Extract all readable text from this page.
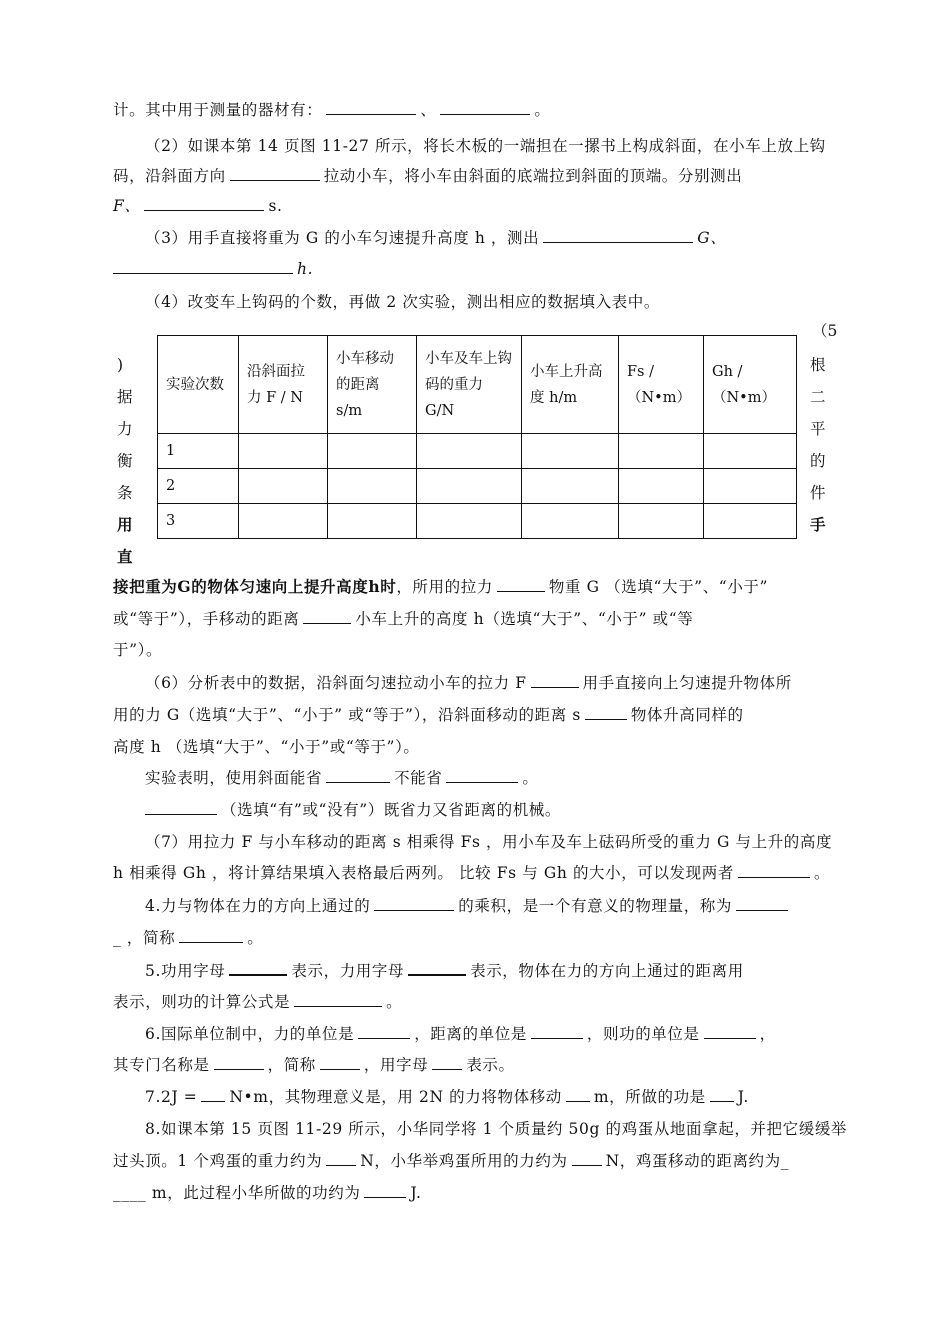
计。其中用于测量的器材有：	、	。
（2）如课本第 14 页图 11-27 所示，将长木板的一端担在一摞书上构成斜面，在小车上放上钩
码，沿斜面方向	拉动小车，将小车由斜面的底端拉到斜面的顶端。分别测出
F、	s.
（3）用手直接将重为 G 的小车匀速提升高度 h ，测出	G、
h.
（4）改变车上钩码的个数，再做 2 次实验，测出相应的数据填入表中。
（5
)
据
力
衡
条
用
直
根
二
平
的
件
手
实验次数	沿斜面拉力 F / N	小车移动的距离 s/m	小车及车上钩码的重力 G/N	小车上升高度 h/m	Fs /（N•m）	Gh /（N•m）
1						
2						
3						
接把重为G的物体匀速向上提升高度h时，所用的拉力	物重 G （选填“大于”、“小于”
或“等于”），手移动的距离	小车上升的高度 h（选填“大于”、“小于” 或“等
于”）。
（6）分析表中的数据，沿斜面匀速拉动小车的拉力 F	用手直接向上匀速提升物体所
用的力 G（选填“大于”、“小于” 或“等于”），沿斜面移动的距离 s	物体升高同样的
高度 h （选填“大于”、“小于”或“等于”）。
实验表明，使用斜面能省	不能省	。
（选填“有”或“没有”）既省力又省距离的机械。
（7）用拉力 F 与小车移动的距离 s 相乘得 Fs ，用小车及车上砝码所受的重力 G 与上升的高度
h 相乘得 Gh ，将计算结果填入表格最后两列。 比较 Fs 与 Gh 的大小，可以发现两者	。
4.力与物体在力的方向上通过的	的乘积，是一个有意义的物理量，称为
_ ，简称	。
5.功用字母	表示，力用字母	表示，物体在力的方向上通过的距离用
表示，则功的计算公式是	。
6.国际单位制中，力的单位是	，距离的单位是	，则功的单位是	，
其专门名称是	，简称	，用字母 表示。
7.2J = N•m，其物理意义是，用 2N 的力将物体移动 m，所做的功是 J.
8.如课本第 15 页图 11-29 所示，小华同学将 1 个质量约 50g 的鸡蛋从地面拿起，并把它缓缓举
过头顶。1 个鸡蛋的重力约为 N，小华举鸡蛋所用的力约为 N，鸡蛋移动的距离约为_
____ m，此过程小华所做的功约为	J.
